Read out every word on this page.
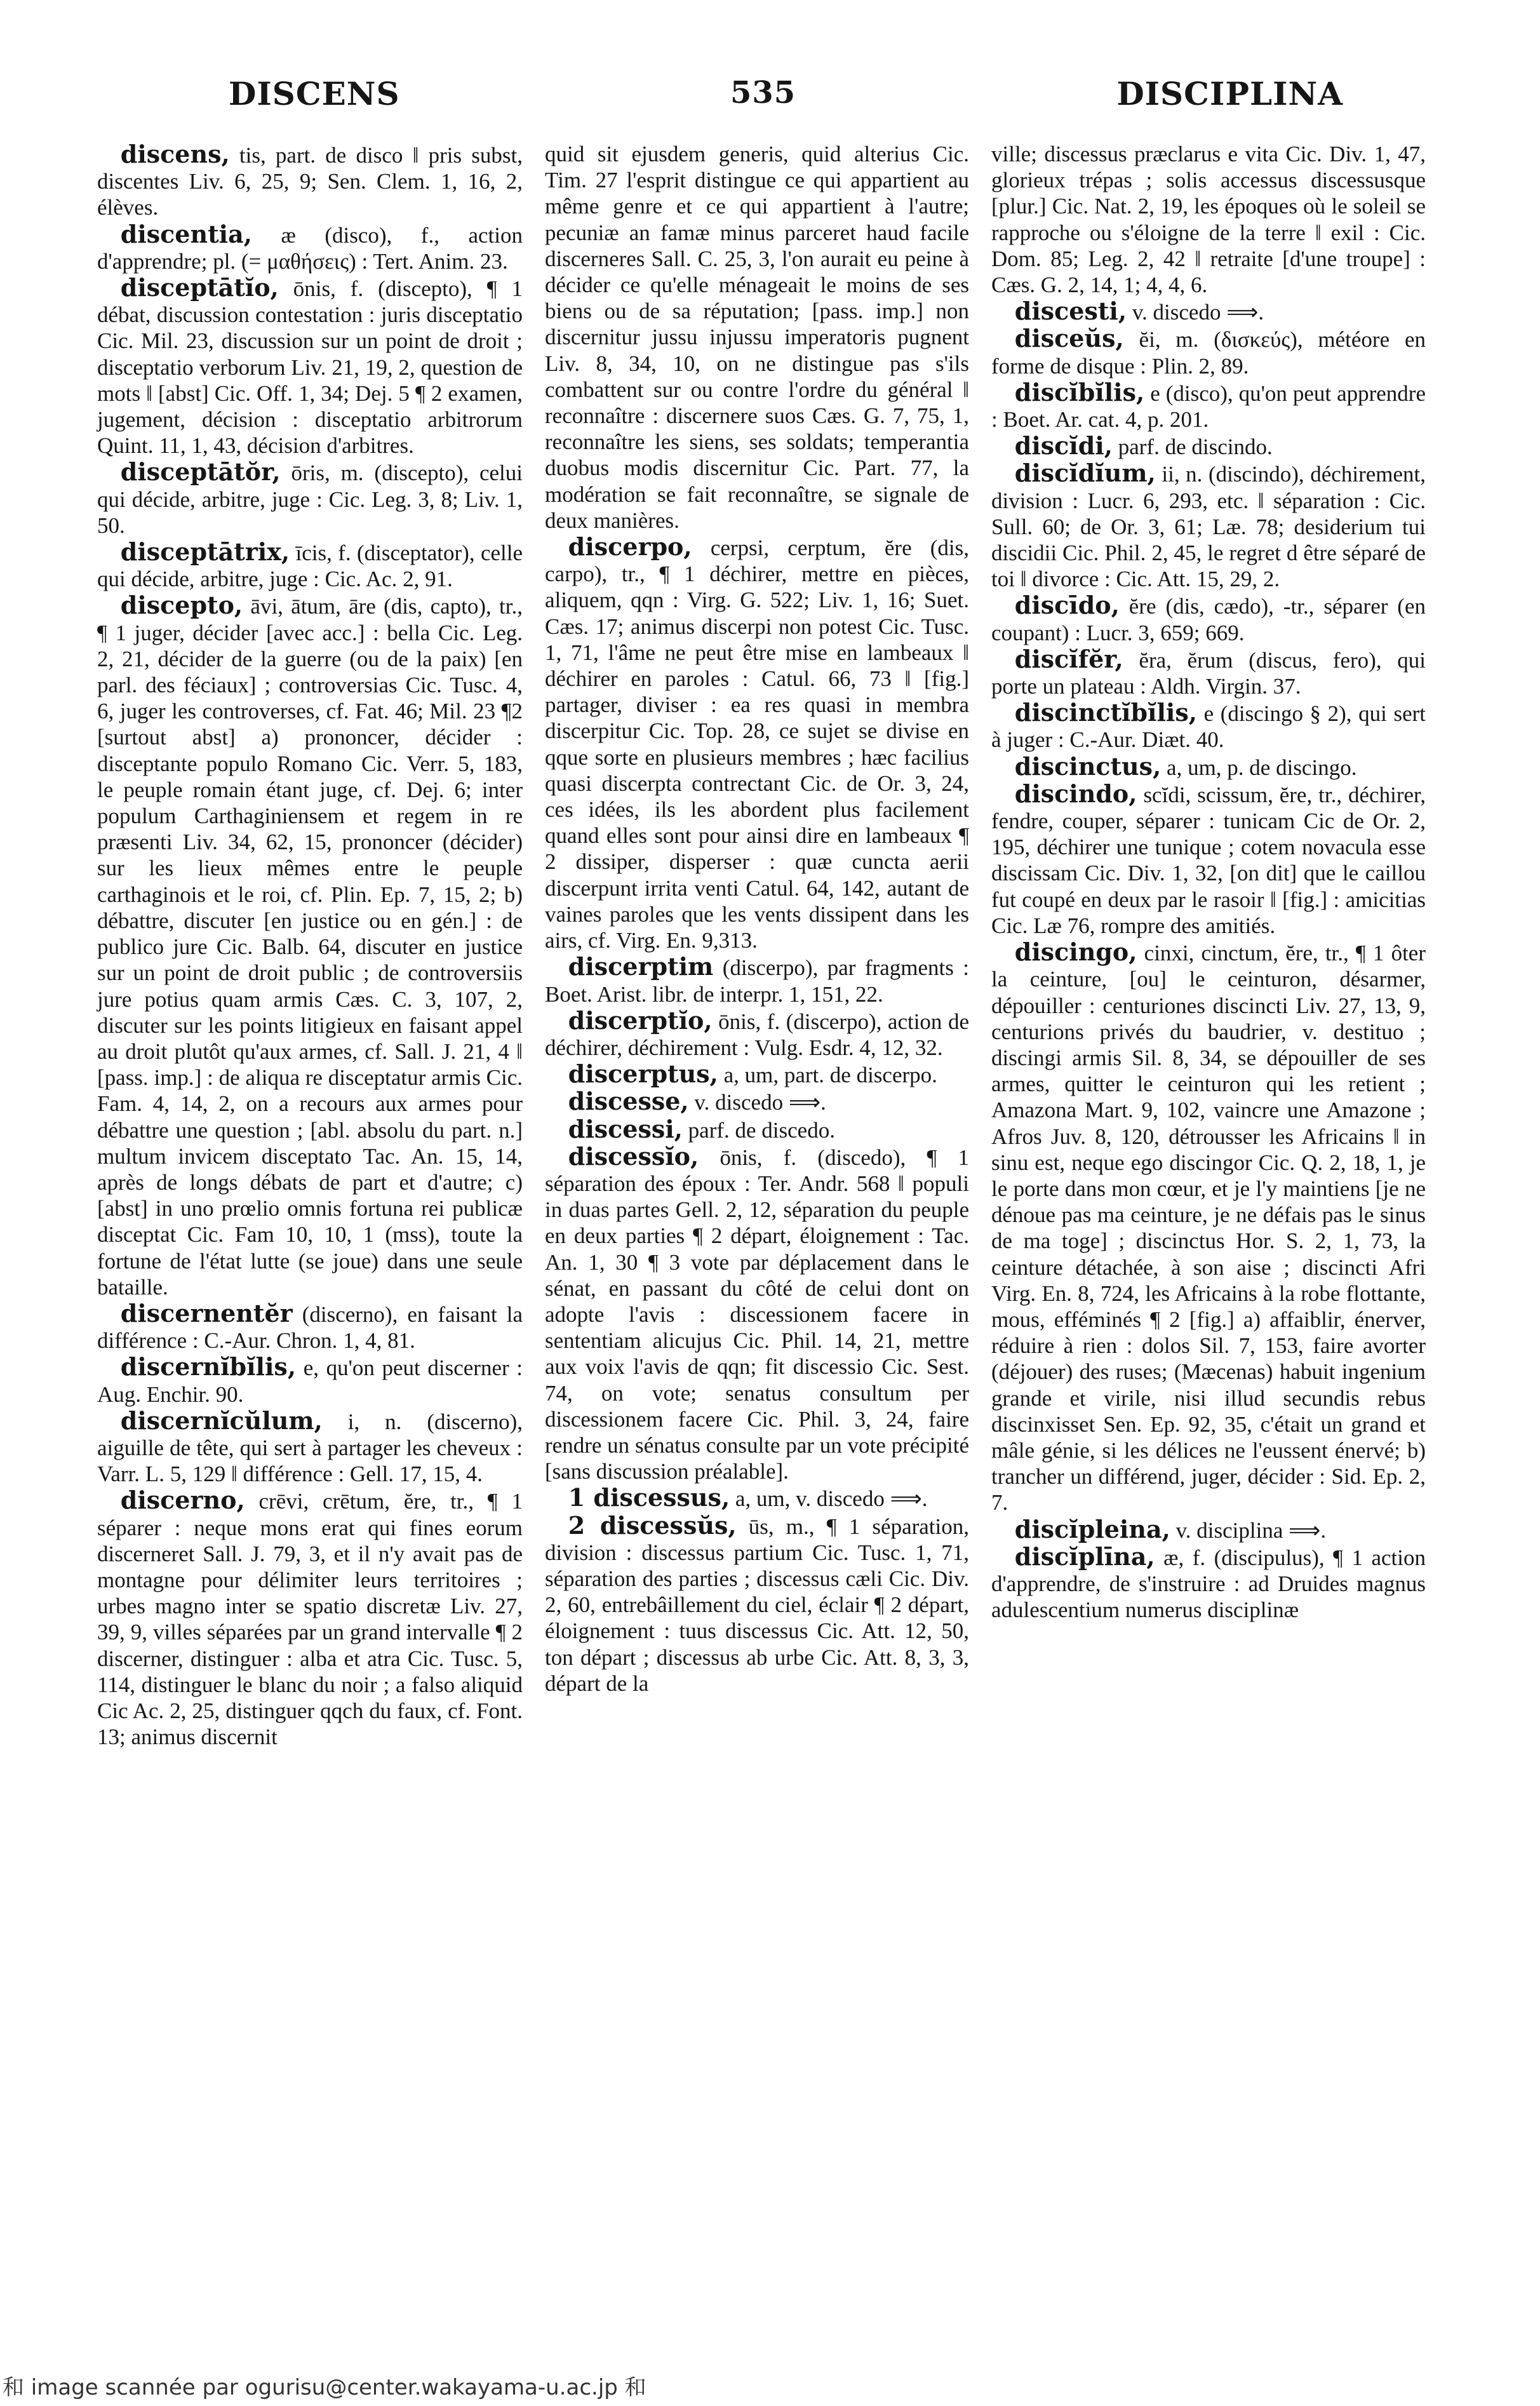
DISCENS	535	DISCIPLINA

discens, tis, part. de disco ‖ pris subst, discentes Liv. 6, 25, 9; Sen. Clem. 1, 16, 2, élèves.

discentia, æ (disco), f., action d'apprendre; pl. (= μαθήσεις) : Tert. Anim. 23.

disceptātĭo, ōnis, f. (discepto), ¶ 1 débat, discussion contestation : juris disceptatio Cic. Mil. 23, discussion sur un point de droit ; disceptatio verborum Liv. 21, 19, 2, question de mots ‖ [abst] Cic. Off. 1, 34; Dej. 5 ¶ 2 examen, jugement, décision : disceptatio arbitrorum Quint. 11, 1, 43, décision d'arbitres.

disceptātŏr, ōris, m. (discepto), celui qui décide, arbitre, juge : Cic. Leg. 3, 8; Liv. 1, 50.

disceptātrix, īcis, f. (disceptator), celle qui décide, arbitre, juge : Cic. Ac. 2, 91.

discepto, āvi, ātum, āre (dis, capto), tr., ¶ 1 juger, décider [avec acc.] : bella Cic. Leg. 2, 21, décider de la guerre (ou de la paix) [en parl. des féciaux] ; controversias Cic. Tusc. 4, 6, juger les controverses, cf. Fat. 46; Mil. 23 ¶2 [surtout abst] a) prononcer, décider : disceptante populo Romano Cic. Verr. 5, 183, le peuple romain étant juge, cf. Dej. 6; inter populum Carthaginiensem et regem in re præsenti Liv. 34, 62, 15, prononcer (décider) sur les lieux mêmes entre le peuple carthaginois et le roi, cf. Plin. Ep. 7, 15, 2; b) débattre, discuter [en justice ou en gén.] : de publico jure Cic. Balb. 64, discuter en justice sur un point de droit public ; de controversiis jure potius quam armis Cæs. C. 3, 107, 2, discuter sur les points litigieux en faisant appel au droit plutôt qu'aux armes, cf. Sall. J. 21, 4 ‖ [pass. imp.] : de aliqua re disceptatur armis Cic. Fam. 4, 14, 2, on a recours aux armes pour débattre une question ; [abl. absolu du part. n.] multum invicem disceptato Tac. An. 15, 14, après de longs débats de part et d'autre; c) [abst] in uno prœlio omnis fortuna rei publicæ disceptat Cic. Fam 10, 10, 1 (mss), toute la fortune de l'état lutte (se joue) dans une seule bataille.

discernentĕr (discerno), en faisant la différence : C.-Aur. Chron. 1, 4, 81.

discernĭbĭlis, e, qu'on peut discerner : Aug. Enchir. 90.

discernĭcŭlum, i, n. (discerno), aiguille de tête, qui sert à partager les cheveux : Varr. L. 5, 129 ‖ différence : Gell. 17, 15, 4.

discerno, crēvi, crētum, ĕre, tr., ¶ 1 séparer : neque mons erat qui fines eorum discerneret Sall. J. 79, 3, et il n'y avait pas de montagne pour délimiter leurs territoires ; urbes magno inter se spatio discretæ Liv. 27, 39, 9, villes séparées par un grand intervalle ¶ 2 discerner, distinguer : alba et atra Cic. Tusc. 5, 114, distinguer le blanc du noir ; a falso aliquid Cic Ac. 2, 25, distinguer qqch du faux, cf. Font. 13; animus discernit

quid sit ejusdem generis, quid alterius Cic. Tim. 27 l'esprit distingue ce qui appartient au même genre et ce qui appartient à l'autre; pecuniæ an famæ minus parceret haud facile discerneres Sall. C. 25, 3, l'on aurait eu peine à décider ce qu'elle ménageait le moins de ses biens ou de sa réputation; [pass. imp.] non discernitur jussu injussu imperatoris pugnent Liv. 8, 34, 10, on ne distingue pas s'ils combattent sur ou contre l'ordre du général ‖ reconnaître : discernere suos Cæs. G. 7, 75, 1, reconnaître les siens, ses soldats; temperantia duobus modis discernitur Cic. Part. 77, la modération se fait reconnaître, se signale de deux manières.

discerpo, cerpsi, cerptum, ĕre (dis, carpo), tr., ¶ 1 déchirer, mettre en pièces, aliquem, qqn : Virg. G. 522; Liv. 1, 16; Suet. Cæs. 17; animus discerpi non potest Cic. Tusc. 1, 71, l'âme ne peut être mise en lambeaux ‖ déchirer en paroles : Catul. 66, 73 ‖ [fig.] partager, diviser : ea res quasi in membra discerpitur Cic. Top. 28, ce sujet se divise en qque sorte en plusieurs membres ; hæc facilius quasi discerpta contrectant Cic. de Or. 3, 24, ces idées, ils les abordent plus facilement quand elles sont pour ainsi dire en lambeaux ¶ 2 dissiper, disperser : quæ cuncta aerii discerpunt irrita venti Catul. 64, 142, autant de vaines paroles que les vents dissipent dans les airs, cf. Virg. En. 9,313.

discerptim (discerpo), par fragments : Boet. Arist. libr. de interpr. 1, 151, 22.

discerptĭo, ōnis, f. (discerpo), action de déchirer, déchirement : Vulg. Esdr. 4, 12, 32.

discerptus, a, um, part. de discerpo.

discesse, v. discedo ⟹.

discessi, parf. de discedo.

discessĭo, ōnis, f. (discedo), ¶ 1 séparation des époux : Ter. Andr. 568 ‖ populi in duas partes Gell. 2, 12, séparation du peuple en deux parties ¶ 2 départ, éloignement : Tac. An. 1, 30 ¶ 3 vote par déplacement dans le sénat, en passant du côté de celui dont on adopte l'avis : discessionem facere in sententiam alicujus Cic. Phil. 14, 21, mettre aux voix l'avis de qqn; fit discessio Cic. Sest. 74, on vote; senatus consultum per discessionem facere Cic. Phil. 3, 24, faire rendre un sénatus consulte par un vote précipité [sans discussion préalable].

1 discessus, a, um, v. discedo ⟹.

2 discessŭs, ūs, m., ¶ 1 séparation, division : discessus partium Cic. Tusc. 1, 71, séparation des parties ; discessus cæli Cic. Div. 2, 60, entrebâillement du ciel, éclair ¶ 2 départ, éloignement : tuus discessus Cic. Att. 12, 50, ton départ ; discessus ab urbe Cic. Att. 8, 3, 3, départ de la

ville; discessus præclarus e vita Cic. Div. 1, 47, glorieux trépas ; solis accessus discessusque [plur.] Cic. Nat. 2, 19, les époques où le soleil se rapproche ou s'éloigne de la terre ‖ exil : Cic. Dom. 85; Leg. 2, 42 ‖ retraite [d'une troupe] : Cæs. G. 2, 14, 1; 4, 4, 6.

discesti, v. discedo ⟹.

disceŭs, ĕi, m. (δισκεύς), météore en forme de disque : Plin. 2, 89.

discĭbĭlis, e (disco), qu'on peut apprendre : Boet. Ar. cat. 4, p. 201.

discĭdi, parf. de discindo.

discĭdĭum, ii, n. (discindo), déchirement, division : Lucr. 6, 293, etc. ‖ séparation : Cic. Sull. 60; de Or. 3, 61; Læ. 78; desiderium tui discidii Cic. Phil. 2, 45, le regret d être séparé de toi ‖ divorce : Cic. Att. 15, 29, 2.

discīdo, ĕre (dis, cædo), -tr., séparer (en coupant) : Lucr. 3, 659; 669.

discĭfĕr, ĕra, ĕrum (discus, fero), qui porte un plateau : Aldh. Virgin. 37.

discinctĭbĭlis, e (discingo § 2), qui sert à juger : C.-Aur. Diæt. 40.

discinctus, a, um, p. de discingo.

discindo, scĭdi, scissum, ĕre, tr., déchirer, fendre, couper, séparer : tunicam Cic de Or. 2, 195, déchirer une tunique ; cotem novacula esse discissam Cic. Div. 1, 32, [on dit] que le caillou fut coupé en deux par le rasoir ‖ [fig.] : amicitias Cic. Læ 76, rompre des amitiés.

discingo, cinxi, cinctum, ĕre, tr., ¶ 1 ôter la ceinture, [ou] le ceinturon, désarmer, dépouiller : centuriones discincti Liv. 27, 13, 9, centurions privés du baudrier, v. destituo ; discingi armis Sil. 8, 34, se dépouiller de ses armes, quitter le ceinturon qui les retient ; Amazona Mart. 9, 102, vaincre une Amazone ; Afros Juv. 8, 120, détrousser les Africains ‖ in sinu est, neque ego discingor Cic. Q. 2, 18, 1, je le porte dans mon cœur, et je l'y maintiens [je ne dénoue pas ma ceinture, je ne défais pas le sinus de ma toge] ; discinctus Hor. S. 2, 1, 73, la ceinture détachée, à son aise ; discincti Afri Virg. En. 8, 724, les Africains à la robe flottante, mous, efféminés ¶ 2 [fig.] a) affaiblir, énerver, réduire à rien : dolos Sil. 7, 153, faire avorter (déjouer) des ruses; (Mæcenas) habuit ingenium grande et virile, nisi illud secundis rebus discinxisset Sen. Ep. 92, 35, c'était un grand et mâle génie, si les délices ne l'eussent énervé; b) trancher un différend, juger, décider : Sid. Ep. 2, 7.

discĭpleina, v. disciplina ⟹.

discĭplīna, æ, f. (discipulus), ¶ 1 action d'apprendre, de s'instruire : ad Druides magnus adulescentium numerus disciplinæ

和 image scannée par ogurisu@center.wakayama-u.ac.jp 和
